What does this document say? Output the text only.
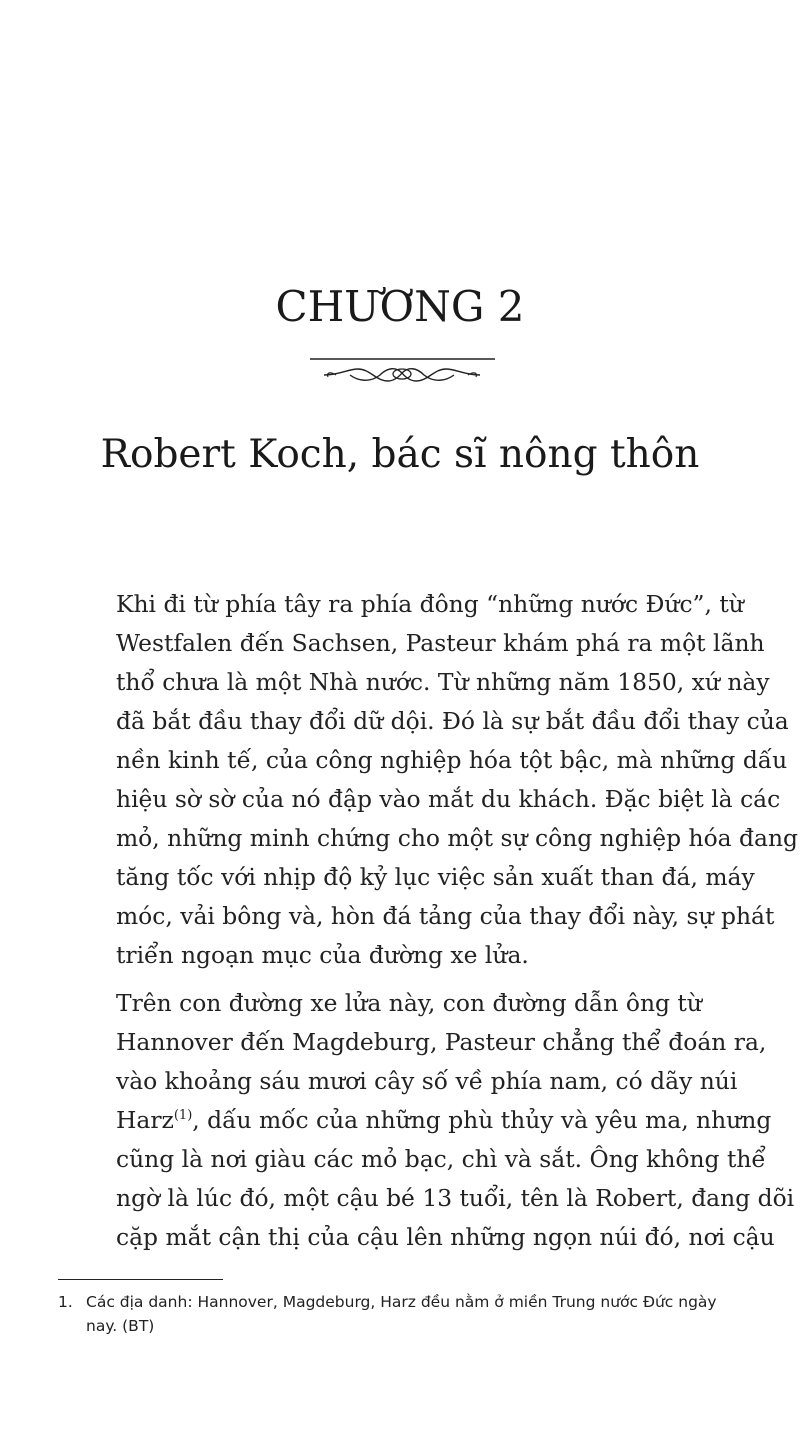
CHƯƠNG 2
Robert Koch, bác sĩ nông thôn

Khi đi từ phía tây ra phía đông “những nước Đức”, từ
Westfalen đến Sachsen, Pasteur khám phá ra một lãnh
thổ chưa là một Nhà nước. Từ những năm 1850, xứ này
đã bắt đầu thay đổi dữ dội. Đó là sự bắt đầu đổi thay của
nền kinh tế, của công nghiệp hóa tột bậc, mà những dấu
hiệu sờ sờ của nó đập vào mắt du khách. Đặc biệt là các
mỏ, những minh chứng cho một sự công nghiệp hóa đang
tăng tốc với nhịp độ kỷ lục việc sản xuất than đá, máy
móc, vải bông và, hòn đá tảng của thay đổi này, sự phát
triển ngoạn mục của đường xe lửa.

Trên con đường xe lửa này, con đường dẫn ông từ
Hannover đến Magdeburg, Pasteur chẳng thể đoán ra,
vào khoảng sáu mươi cây số về phía nam, có dãy núi
Harz$^{(1)}$, dấu mốc của những phù thủy và yêu ma, nhưng
cũng là nơi giàu các mỏ bạc, chì và sắt. Ông không thể
ngờ là lúc đó, một cậu bé 13 tuổi, tên là Robert, đang dõi
cặp mắt cận thị của cậu lên những ngọn núi đó, nơi cậu

1. Các địa danh: Hannover, Magdeburg, Harz đều nằm ở miền Trung nước Đức ngày
nay. (BT)
